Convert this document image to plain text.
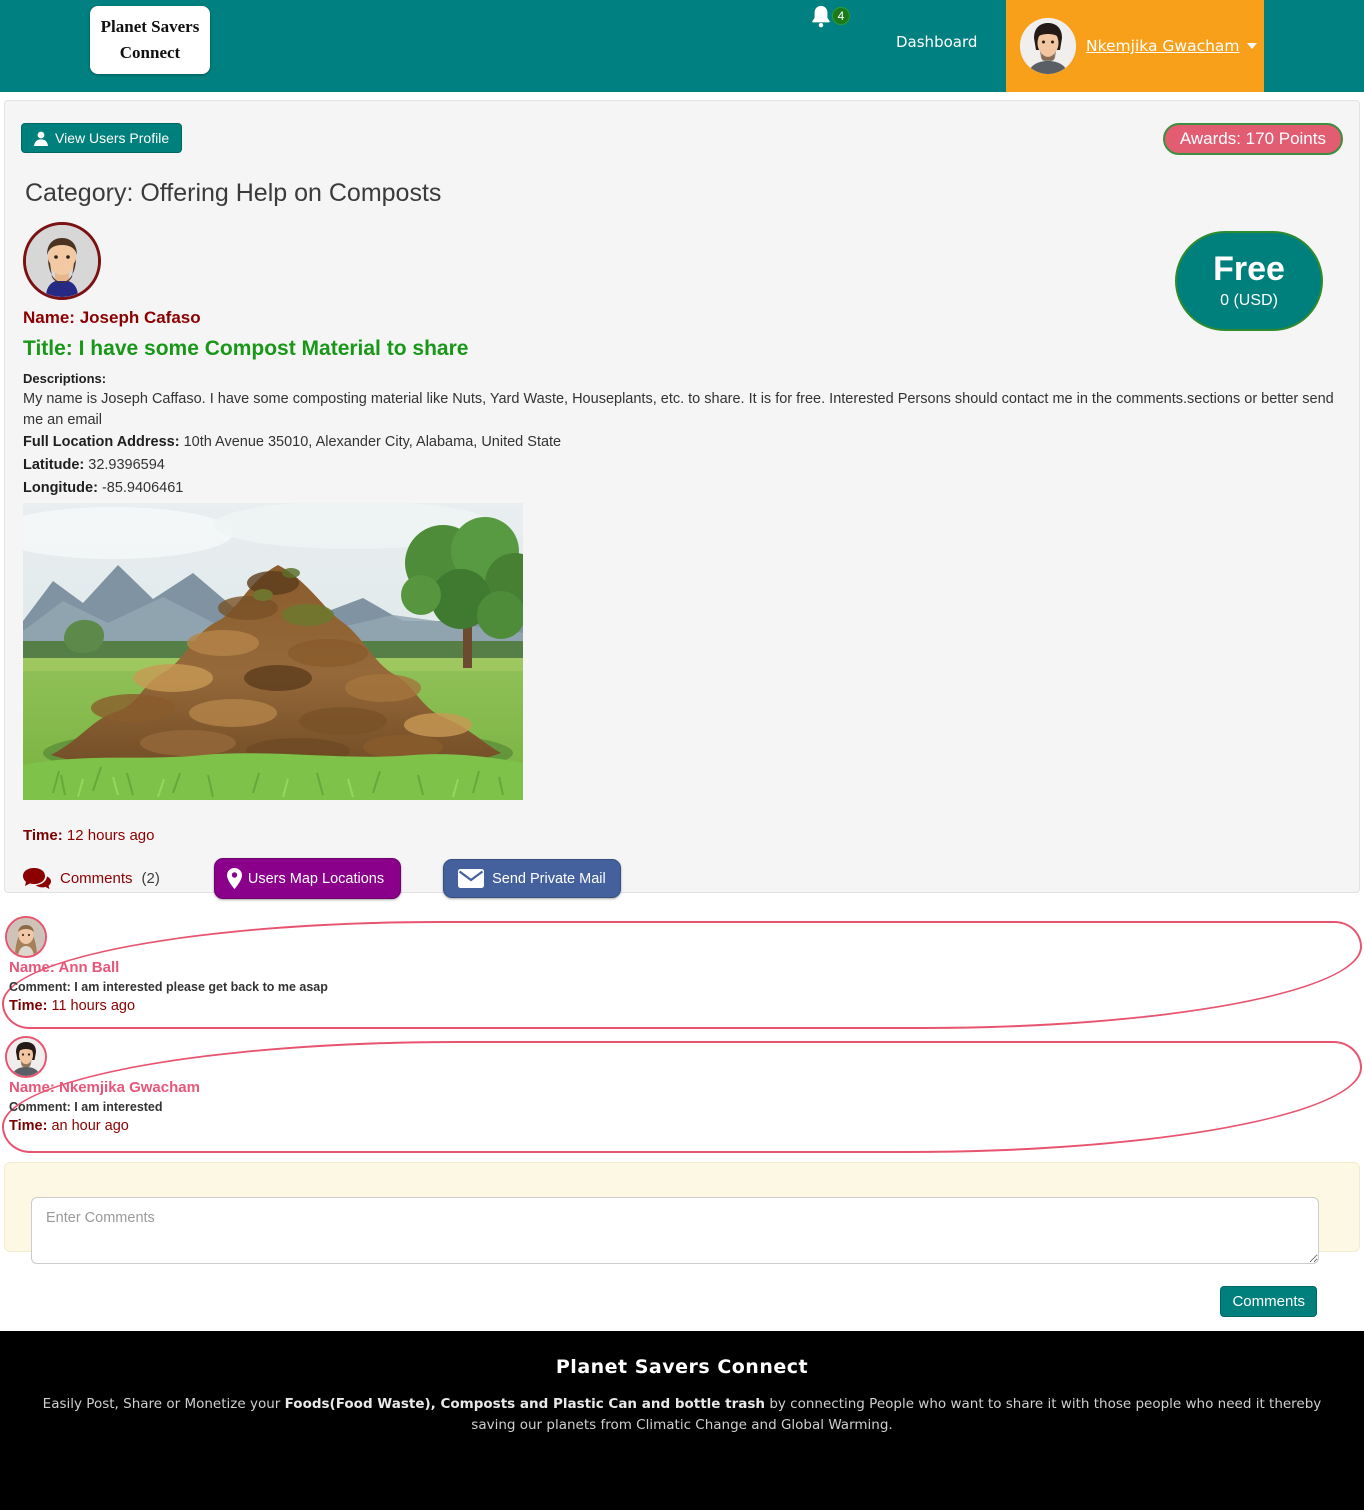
Planet Savers
Connect
4
Dashboard	Nkemjika Gwacham
View Users Profile	Awards: 170 Points
Category: Offering Help on Composts
Free
0 (USD)
Name: Joseph Cafaso
Title: I have some Compost Material to share
Descriptions:
My name is Joseph Caffaso. I have some composting material like Nuts, Yard Waste, Houseplants, etc. to share. It is for free. Interested Persons should contact me in the comments.sections or better send me an email
Full Location Address: 10th Avenue 35010, Alexander City, Alabama, United State
Latitude: 32.9396594
Longitude: -85.9406461
Time: 12 hours ago
Comments (2)	Users Map Locations	Send Private Mail
Name: Ann Ball
Comment: I am interested please get back to me asap
Time: 11 hours ago
Name: Nkemjika Gwacham
Comment: I am interested
Time: an hour ago
Enter Comments
Comments
Planet Savers Connect

Easily Post, Share or Monetize your Foods(Food Waste), Composts and Plastic Can and bottle trash by connecting People who want to share it with those people who need it thereby saving our planets from Climatic Change and Global Warming.
